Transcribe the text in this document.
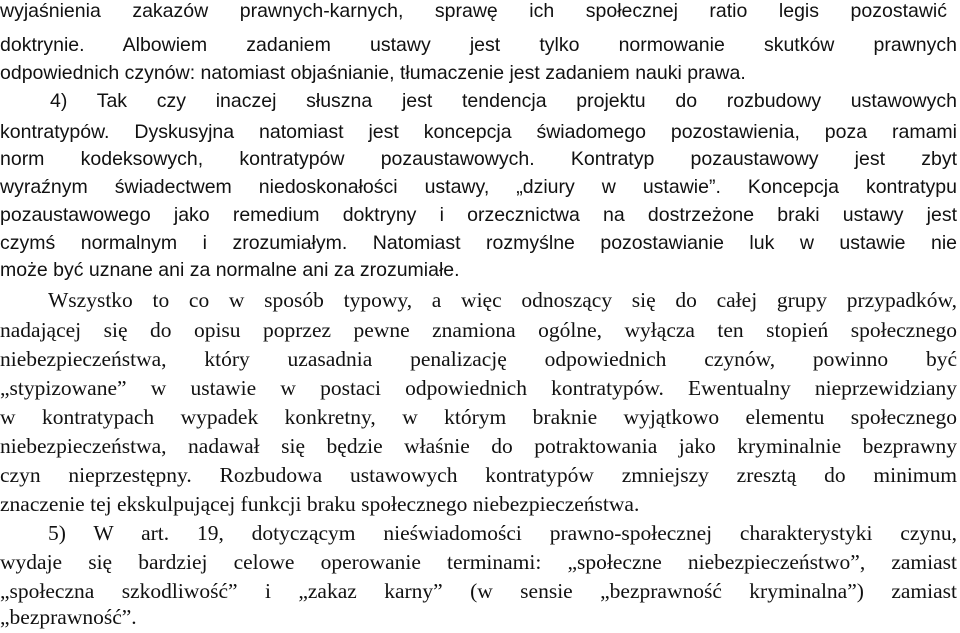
wyjaśnienia zakazów prawnych-karnych, sprawę ich społecznej ratio legis pozostawić
doktrynie. Albowiem zadaniem ustawy jest tylko normowanie skutków prawnych
odpowiednich czynów: natomiast objaśnianie, tłumaczenie jest zadaniem nauki prawa.
4) Tak czy inaczej słuszna jest tendencja projektu do rozbudowy ustawowych
kontratypów. Dyskusyjna natomiast jest koncepcja świadomego pozostawienia, poza ramami
norm kodeksowych, kontratypów pozaustawowych. Kontratyp pozaustawowy jest zbyt
wyraźnym świadectwem niedoskonałości ustawy, „dziury w ustawie”. Koncepcja kontratypu
pozaustawowego jako remedium doktryny i orzecznictwa na dostrzeżone braki ustawy jest
czymś normalnym i zrozumiałym. Natomiast rozmyślne pozostawianie luk w ustawie nie
może być uznane ani za normalne ani za zrozumiałe.
Wszystko to co w sposób typowy, a więc odnoszący się do całej grupy przypadków,
nadającej się do opisu poprzez pewne znamiona ogólne, wyłącza ten stopień społecznego
niebezpieczeństwa, który uzasadnia penalizację odpowiednich czynów, powinno być
„stypizowane” w ustawie w postaci odpowiednich kontratypów. Ewentualny nieprzewidziany
w kontratypach wypadek konkretny, w którym braknie wyjątkowo elementu społecznego
niebezpieczeństwa, nadawał się będzie właśnie do potraktowania jako kryminalnie bezprawny
czyn nieprzestępny. Rozbudowa ustawowych kontratypów zmniejszy zresztą do minimum
znaczenie tej ekskulpującej funkcji braku społecznego niebezpieczeństwa.
5) W art. 19, dotyczącym nieświadomości prawno-społecznej charakterystyki czynu,
wydaje się bardziej celowe operowanie terminami: „społeczne niebezpieczeństwo”, zamiast
„społeczna szkodliwość” i „zakaz karny” (w sensie „bezprawność kryminalna”) zamiast
„bezprawność”.
